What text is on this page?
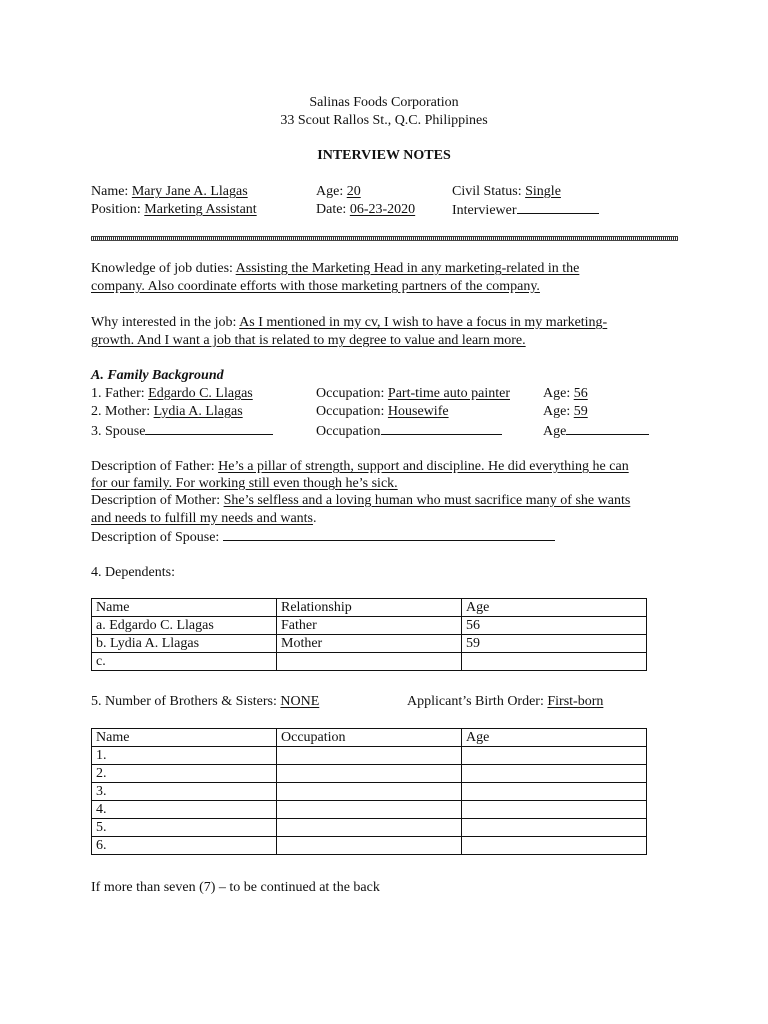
Salinas Foods Corporation
33 Scout Rallos St., Q.C. Philippines
INTERVIEW NOTES
Name: Mary Jane A. Llagas	Age: 20	Civil Status: Single
Position: Marketing Assistant	Date: 06-23-2020	Interviewer
Knowledge of job duties: Assisting the Marketing Head in any marketing-related in the
company. Also coordinate efforts with those marketing partners of the company.
Why interested in the job: As I mentioned in my cv, I wish to have a focus in my marketing-
growth. And I want a job that is related to my degree to value and learn more.
A. Family Background
1. Father: Edgardo C. Llagas	Occupation: Part-time auto painter Age: 56
2. Mother: Lydia A. Llagas	Occupation: Housewife	Age: 59
3. Spouse	Occupation	Age
Description of Father: He’s a pillar of strength, support and discipline. He did everything he can
for our family. For working still even though he’s sick.
Description of Mother: She’s selfless and a loving human who must sacrifice many of she wants
and needs to fulfill my needs and wants.
Description of Spouse:
4. Dependents:
Name	Relationship	Age
a. Edgardo C. Llagas	Father	56
b. Lydia A. Llagas	Mother	59
c.		
5. Number of Brothers & Sisters: NONE	Applicant’s Birth Order: First-born
Name	Occupation	Age
1.		
2.		
3.		
4.		
5.		
6.		
If more than seven (7) – to be continued at the back
